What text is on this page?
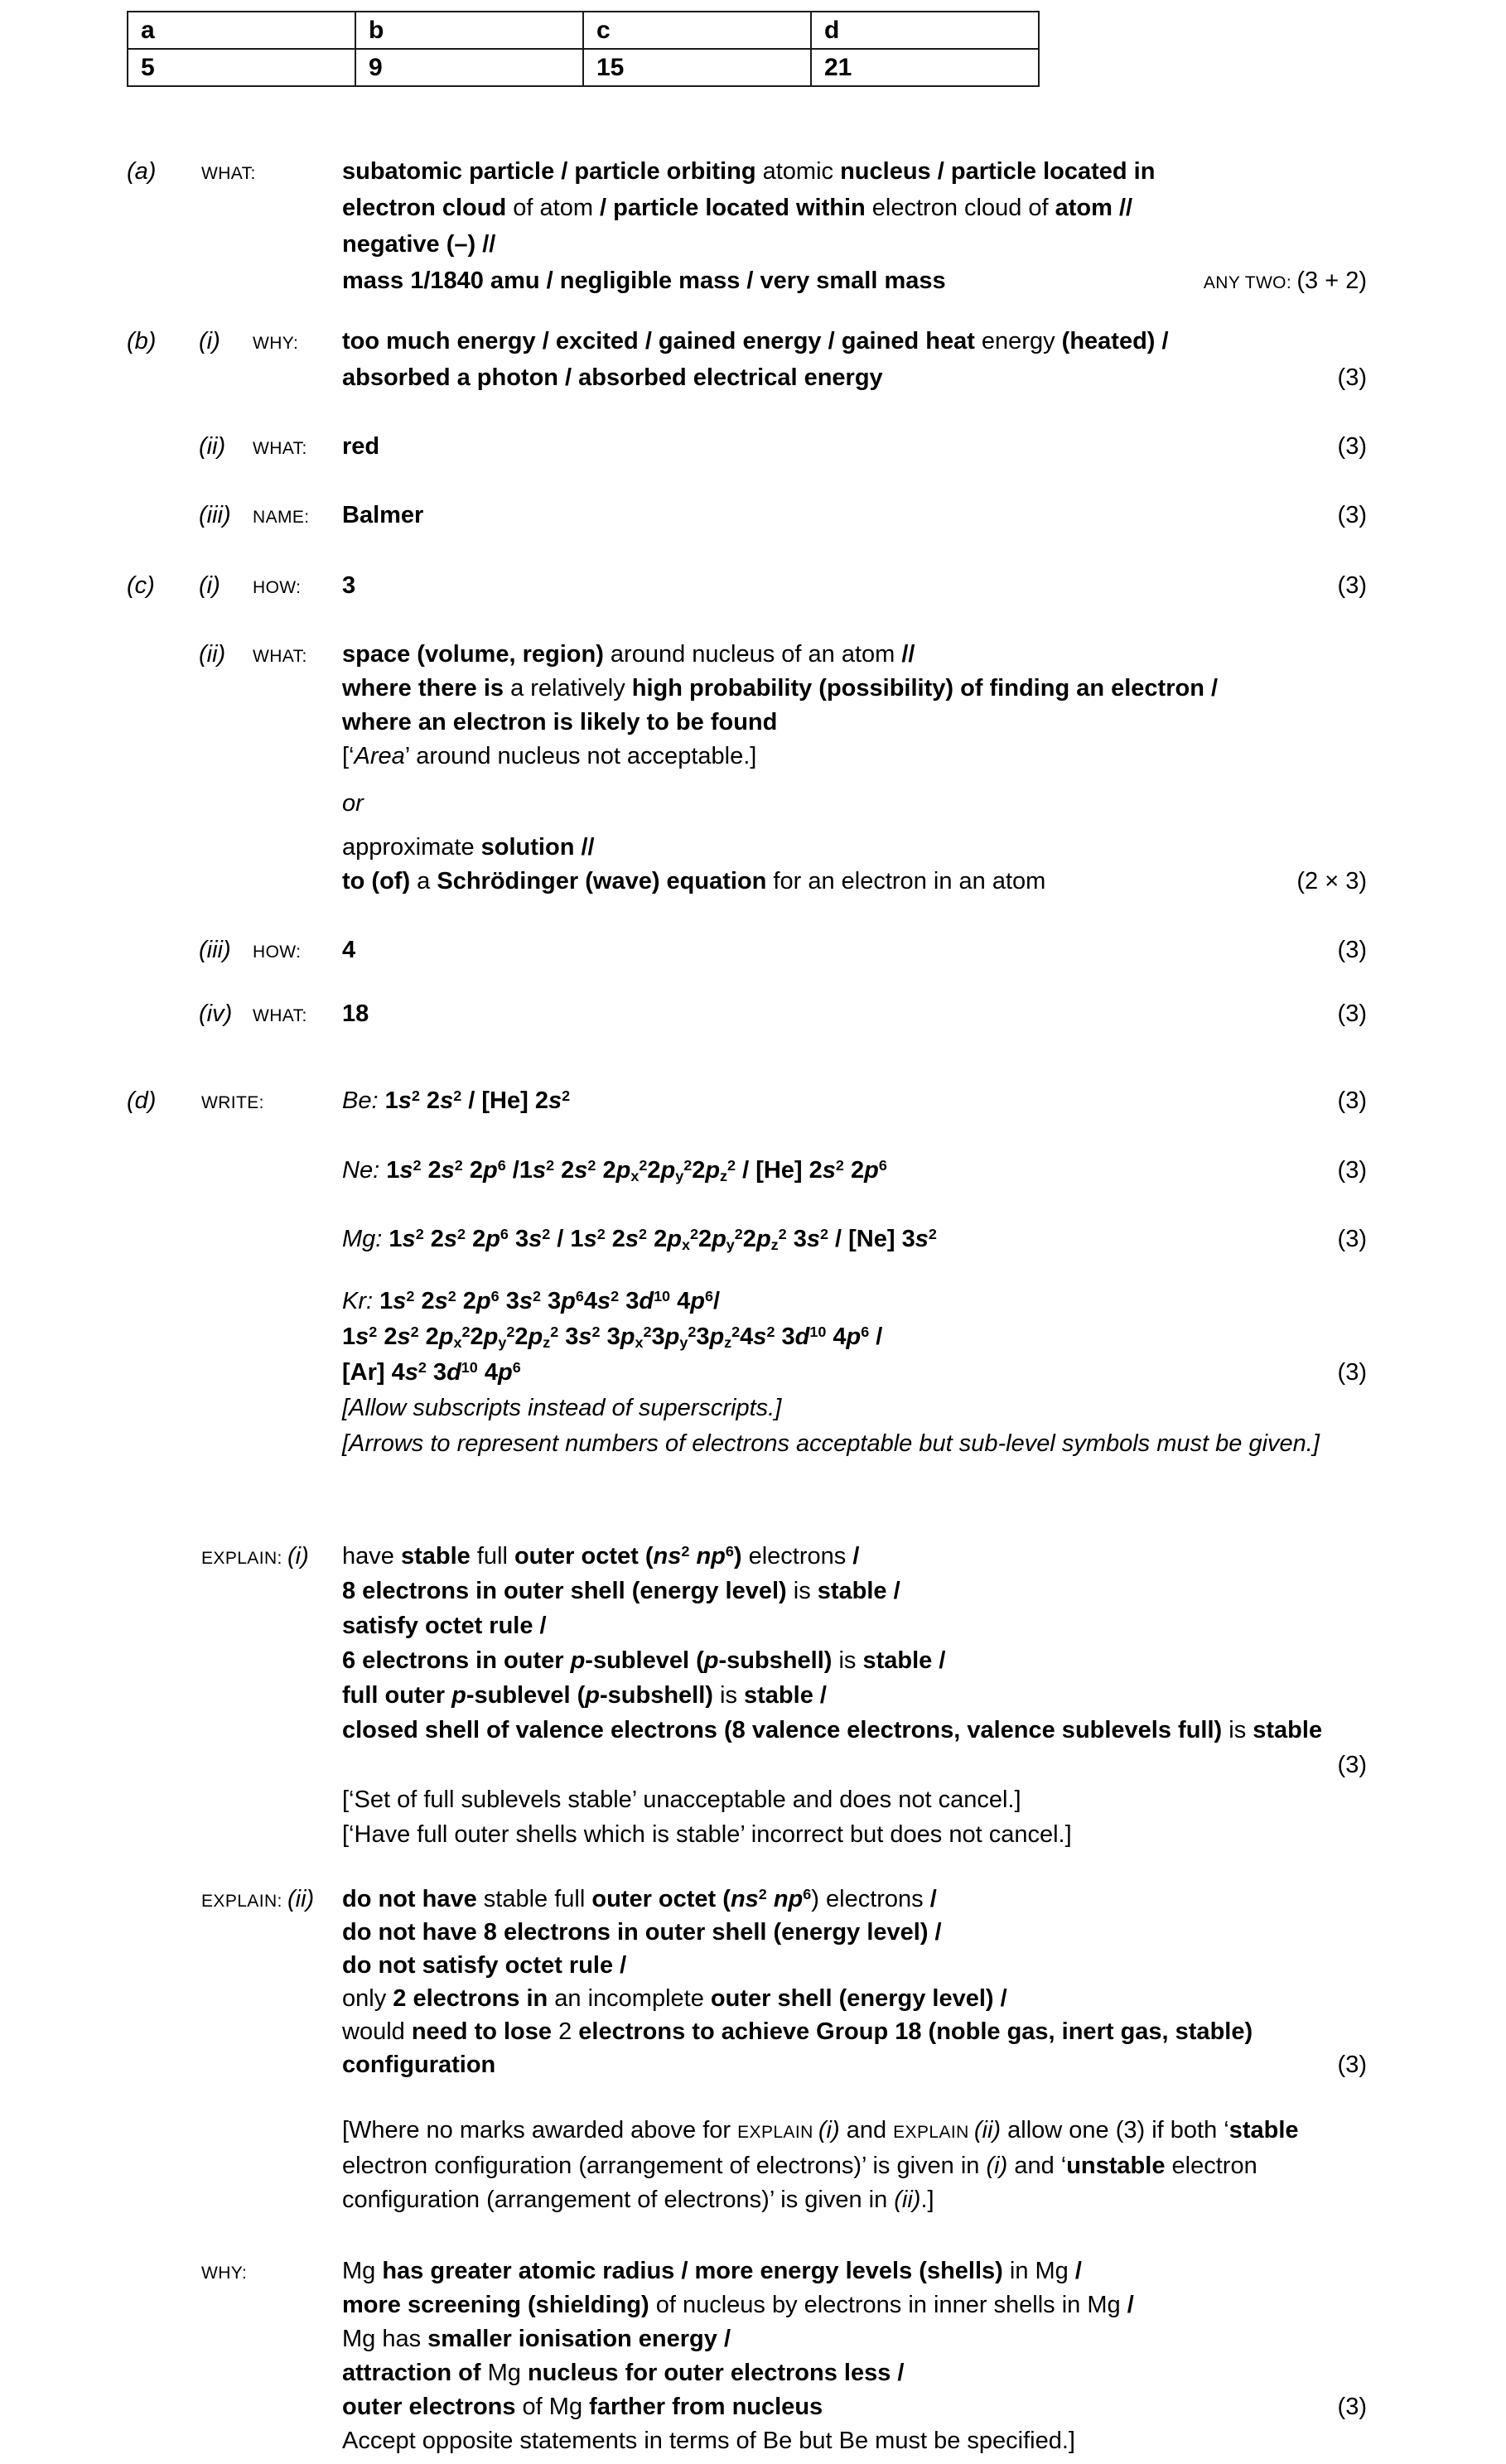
a	b	c	d
5	9	15	21
(a)	WHAT:	subatomic particle / particle orbiting atomic nucleus / particle located in
electron cloud of atom / particle located within electron cloud of atom //
negative (–) //
mass 1/1840 amu / negligible mass / very small mass	ANY TWO: (3 + 2)
(b) (i) WHY: too much energy / excited / gained energy / gained heat energy (heated) /
absorbed a photon / absorbed electrical energy	(3)
(ii) WHAT: red	(3)
(iii) NAME: Balmer	(3)
(c) (i) HOW: 3	(3)
(ii) WHAT: space (volume, region) around nucleus of an atom //
where there is a relatively high probability (possibility) of finding an electron /
where an electron is likely to be found
[‘Area’ around nucleus not acceptable.]
or
approximate solution //
to (of) a Schrödinger (wave) equation for an electron in an atom	(2 × 3)
(iii) HOW: 4	(3)
(iv) WHAT: 18	(3)
(d)	WRITE:	Be: $1s^2$ $2s^2 / [He]$ $2s^2$	(3)
Ne: $1s^2$ $2s^2$ $2p^6$ $/1s^2$ $2s^2$ $2px^22py^22pz^2 / [He]$ $2s^2$ $2p^6$	(3)
Mg: $1s^2$ $2s^2$ $2p^6$ $3s^2 / 1s^2$ $2s^2$ $2px^22py^22pz^2$ $3s^2 / [Ne]$ $3s^2$	(3)
Kr: $1s^2$ $2s^2$ $2p^6$ $3s^2$ $3p^64s^2$ $3d^{10}$ $4p^6/$
$1s^2$ $2s^2$ $2px^22py^22pz^2$ $3s^2$ $3px^23py^23pz^24s^2$ $3d^{10}$ $4p^6$ /
[Ar] $4s^2$ $3d^{10}$ $4p^6$	(3)
[Allow subscripts instead of superscripts.]
[Arrows to represent numbers of electrons acceptable but sub-level symbols must be given.]
EXPLAIN: (i) have stable full outer octet ($ns^2$ $np^6$) electrons /
8 electrons in outer shell (energy level) is stable /
satisfy octet rule /
6 electrons in outer p-sublevel (p-subshell) is stable /
full outer p-sublevel (p-subshell) is stable /
closed shell of valence electrons (8 valence electrons, valence sublevels full) is stable

(3)
[‘Set of full sublevels stable’ unacceptable and does not cancel.]
[‘Have full outer shells which is stable’ incorrect but does not cancel.]
EXPLAIN: (ii) do not have stable full outer octet ($ns^2$ $np^6$) electrons /
do not have 8 electrons in outer shell (energy level) /
do not satisfy octet rule /
only 2 electrons in an incomplete outer shell (energy level) /
would need to lose 2 electrons to achieve Group 18 (noble gas, inert gas, stable)
configuration	(3)
[Where no marks awarded above for EXPLAIN (i) and EXPLAIN (ii) allow one (3) if both ‘stable
electron configuration (arrangement of electrons)’ is given in (i) and ‘unstable electron
configuration (arrangement of electrons)’ is given in (ii).]
WHY:	Mg has greater atomic radius / more energy levels (shells) in Mg /
more screening (shielding) of nucleus by electrons in inner shells in Mg /
Mg has smaller ionisation energy /
attraction of Mg nucleus for outer electrons less /
outer electrons of Mg farther from nucleus	(3)
Accept opposite statements in terms of Be but Be must be specified.]
